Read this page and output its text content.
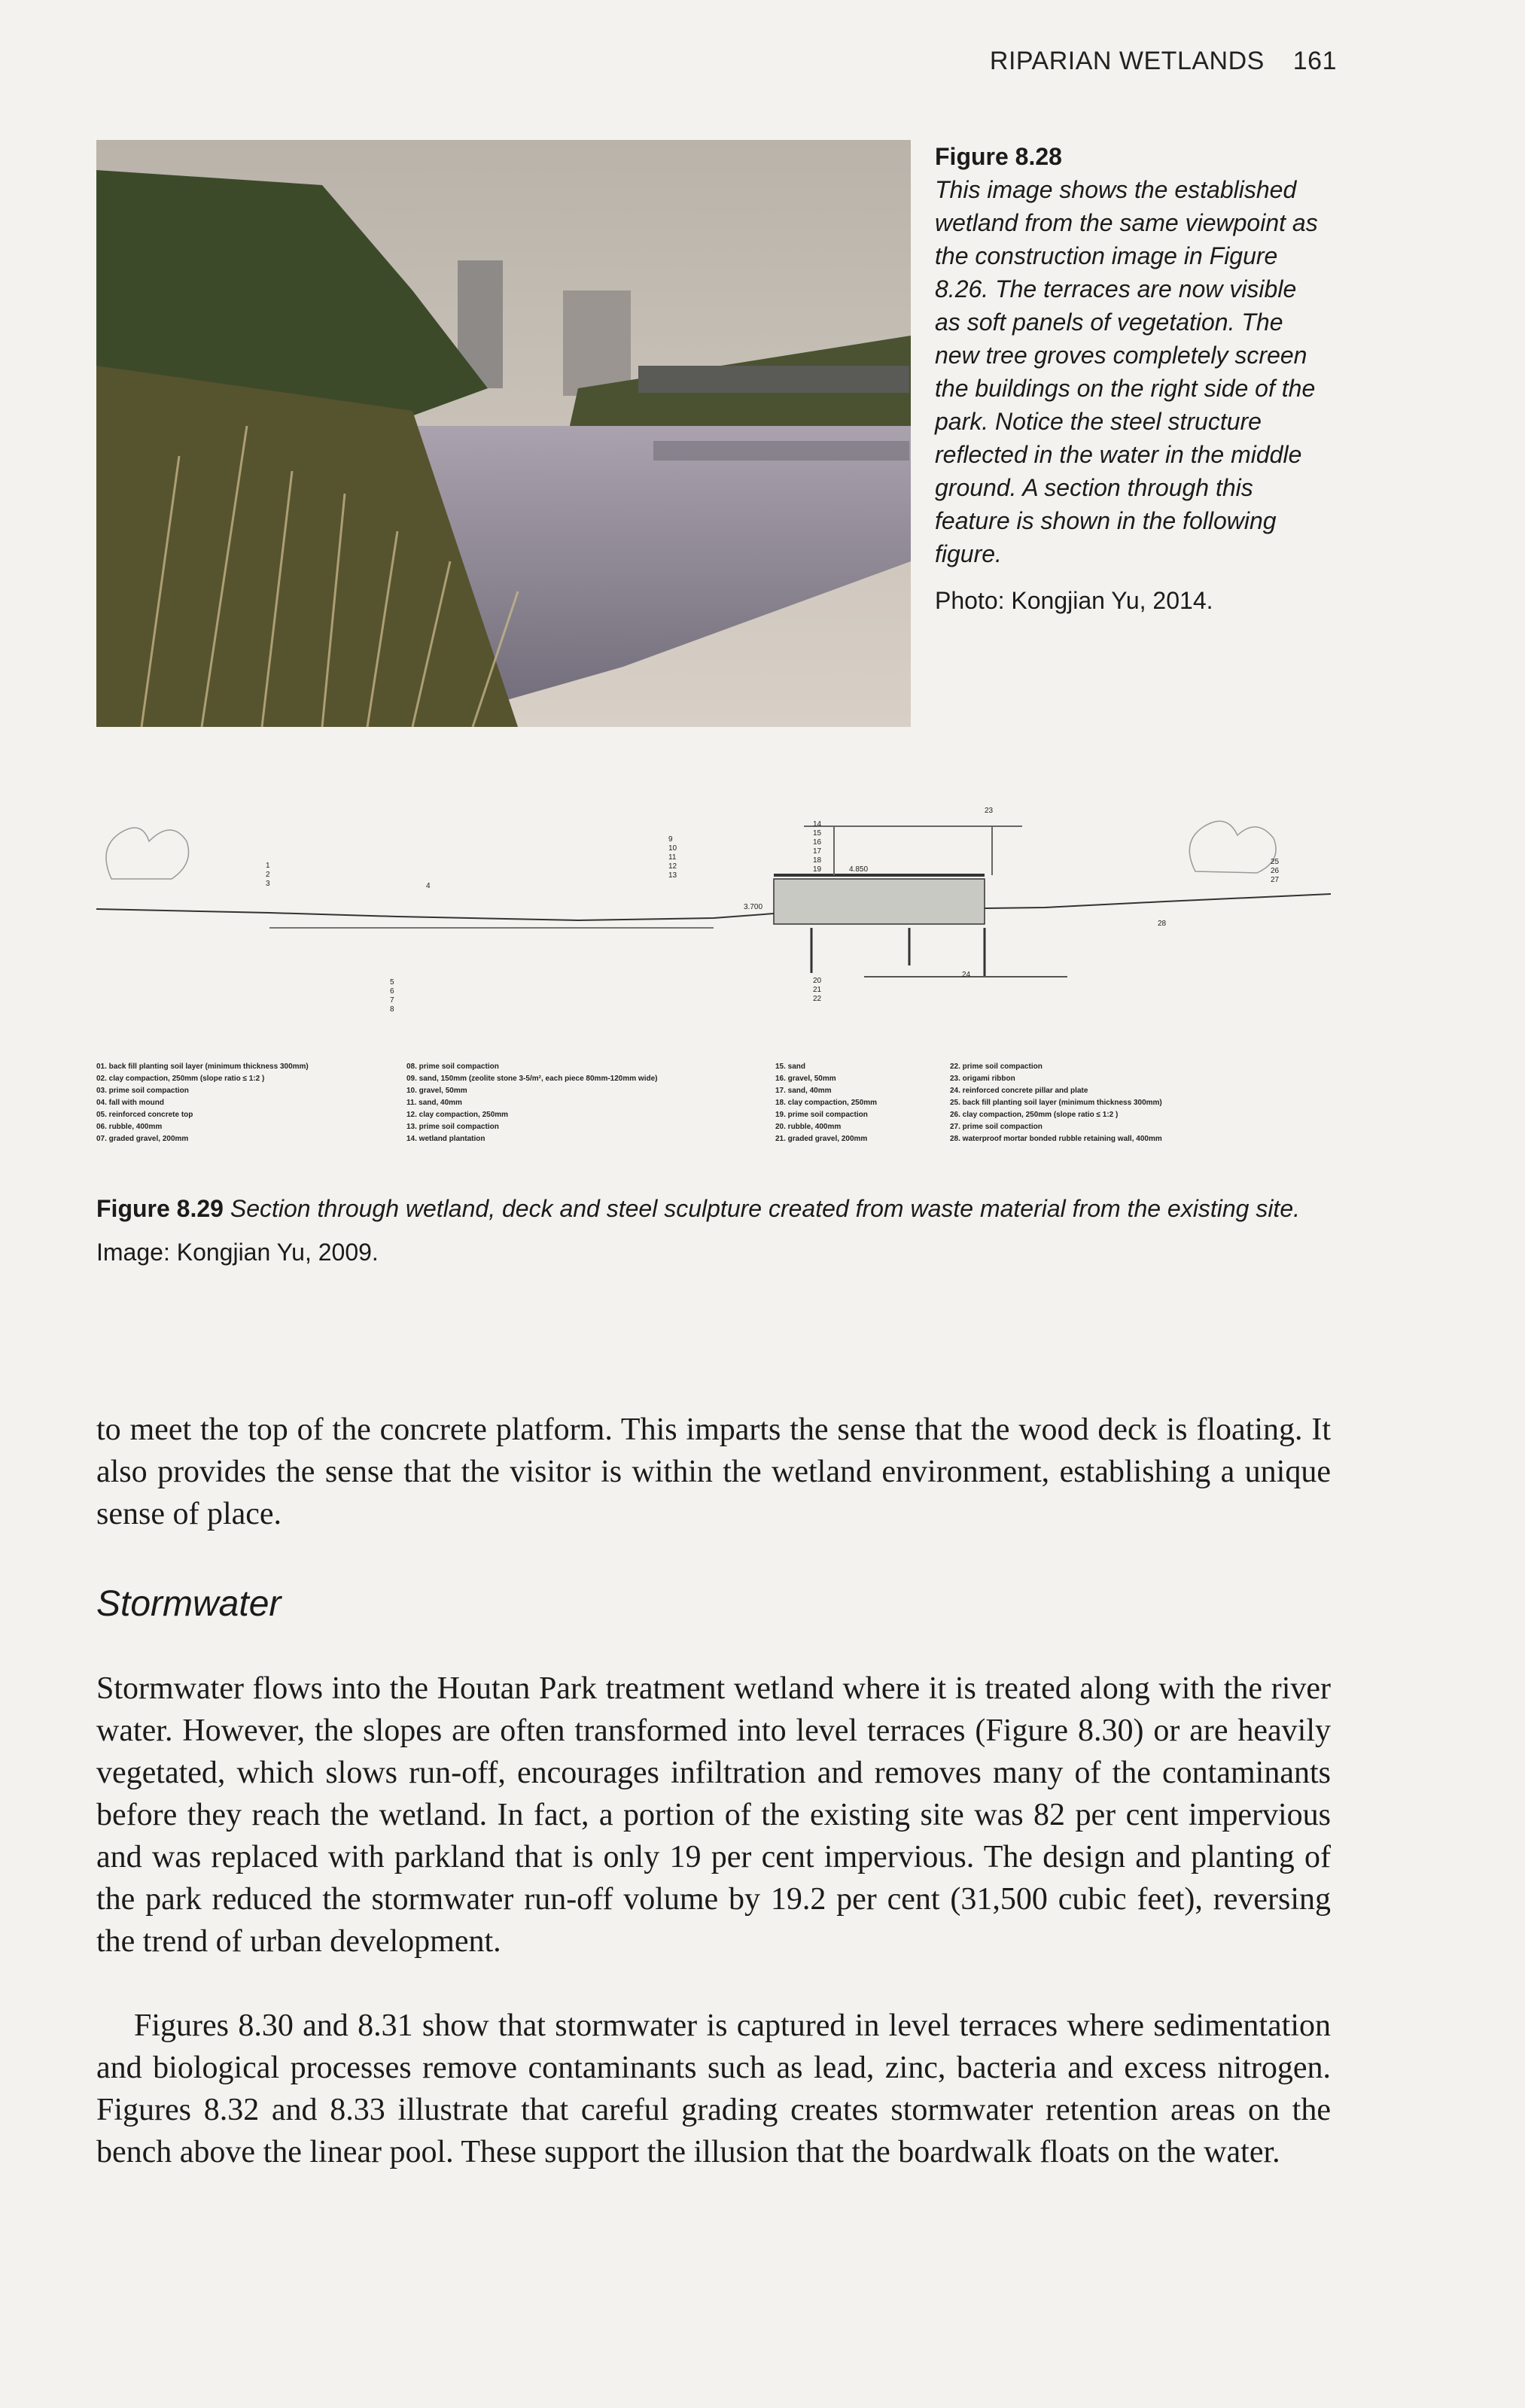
RIPARIAN WETLANDS 161
Figure 8.28
This image shows the established wetland from the same viewpoint as the construction image in Figure 8.26. The terraces are now visible as soft panels of vegetation. The new tree groves completely screen the buildings on the right side of the park. Notice the steel structure reflected in the water in the middle ground. A section through this feature is shown in the following figure.
Photo: Kongjian Yu, 2014.
1
2
3	4
5
6
7
8
9
10
11
12
13
14
15
16
17
18
19
20
21
22
23
24
25
26
27
28
3.700
4.850
01. back fill planting soil layer (minimum thickness 300mm)
02. clay compaction, 250mm (slope ratio ≤ 1:2 )
03. prime soil compaction
04. fall with mound
05. reinforced concrete top
06. rubble, 400mm
07. graded gravel, 200mm
08. prime soil compaction
09. sand, 150mm (zeolite stone 3-5/m², each piece 80mm-120mm wide)
10. gravel, 50mm
11. sand, 40mm
12. clay compaction, 250mm
13. prime soil compaction
14. wetland plantation
15. sand
16. gravel, 50mm
17. sand, 40mm
18. clay compaction, 250mm
19. prime soil compaction
20. rubble, 400mm
21. graded gravel, 200mm
22. prime soil compaction
23. origami ribbon
24. reinforced concrete pillar and plate
25. back fill planting soil layer (minimum thickness 300mm)
26. clay compaction, 250mm (slope ratio ≤ 1:2 )
27. prime soil compaction
28. waterproof mortar bonded rubble retaining wall, 400mm
Figure 8.29 Section through wetland, deck and steel sculpture created from waste material from the existing site.
Image: Kongjian Yu, 2009.

to meet the top of the concrete platform. This imparts the sense that the wood deck is floating. It also provides the sense that the visitor is within the wetland environment, establishing a unique sense of place.

Stormwater

Stormwater flows into the Houtan Park treatment wetland where it is treated along with the river water. However, the slopes are often transformed into level terraces (Figure 8.30) or are heavily vegetated, which slows run-off, encourages infiltration and removes many of the contaminants before they reach the wetland. In fact, a portion of the existing site was 82 per cent impervious and was replaced with parkland that is only 19 per cent impervious. The design and planting of the park reduced the stormwater run-off volume by 19.2 per cent (31,500 cubic feet), reversing the trend of urban development.

Figures 8.30 and 8.31 show that stormwater is captured in level terraces where sedimentation and biological processes remove contaminants such as lead, zinc, bacteria and excess nitrogen. Figures 8.32 and 8.33 illustrate that careful grading creates stormwater retention areas on the bench above the linear pool. These support the illusion that the boardwalk floats on the water.
